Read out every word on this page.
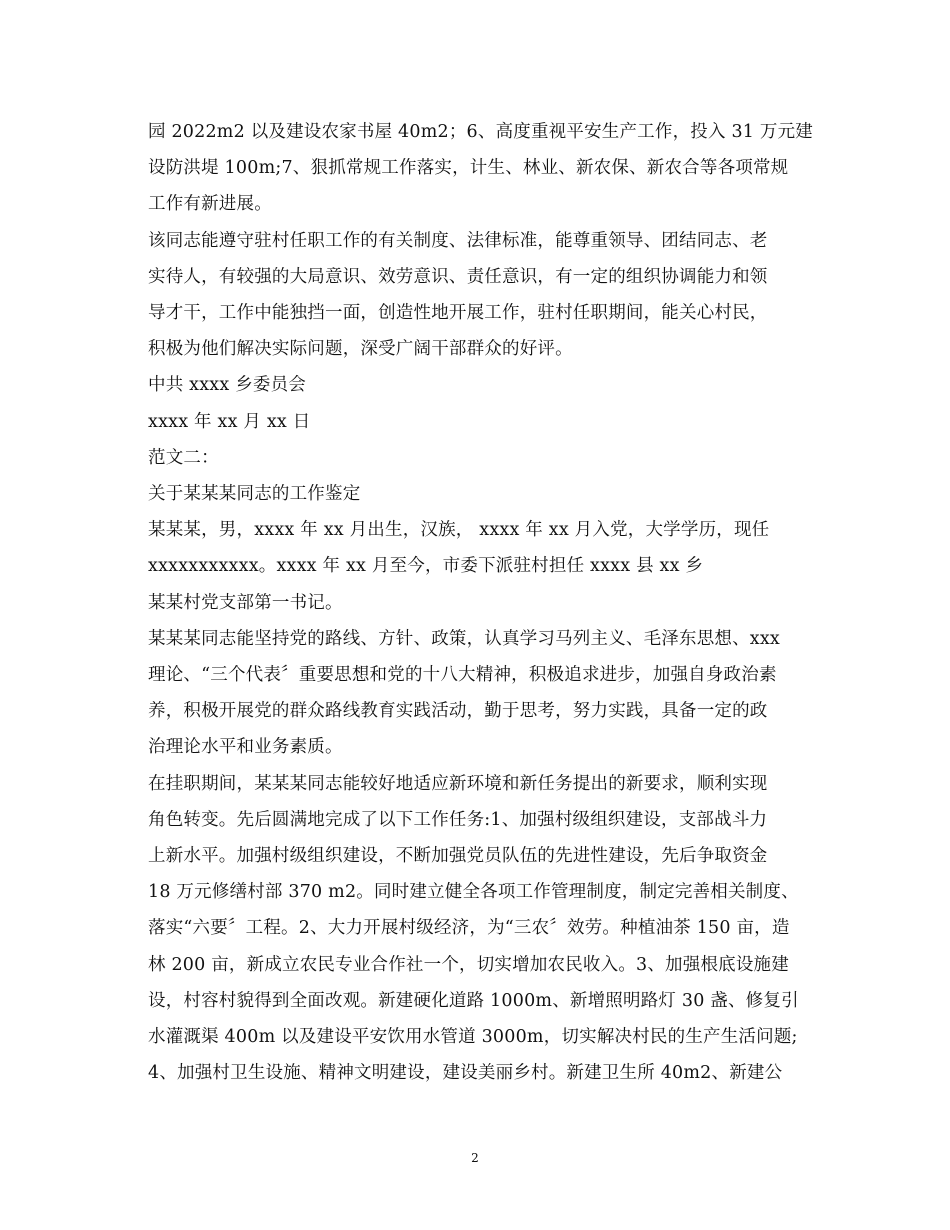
园 2022m2 以及建设农家书屋 40m2；6、高度重视平安生产工作，投入 31 万元建
设防洪堤 100m;7、狠抓常规工作落实，计生、林业、新农保、新农合等各项常规
工作有新进展。
该同志能遵守驻村任职工作的有关制度、法律标准，能尊重领导、团结同志、老
实待人，有较强的大局意识、效劳意识、责任意识，有一定的组织协调能力和领
导才干，工作中能独挡一面，创造性地开展工作，驻村任职期间，能关心村民，
积极为他们解决实际问题，深受广阔干部群众的好评。
中共 xxxx 乡委员会
xxxx 年 xx 月 xx 日
范文二：
关于某某某同志的工作鉴定
某某某，男，xxxx 年 xx 月出生，汉族， xxxx 年 xx 月入党，大学学历，现任
xxxxxxxxxxx。xxxx 年 xx 月至今，市委下派驻村担任 xxxx 县 xx 乡
某某村党支部第一书记。
某某某同志能坚持党的路线、方针、政策，认真学习马列主义、毛泽东思想、xxx
理论、“三个代表〞重要思想和党的十八大精神，积极追求进步，加强自身政治素
养，积极开展党的群众路线教育实践活动，勤于思考，努力实践，具备一定的政
治理论水平和业务素质。
在挂职期间，某某某同志能较好地适应新环境和新任务提出的新要求，顺利实现
角色转变。先后圆满地完成了以下工作任务:1、加强村级组织建设，支部战斗力
上新水平。加强村级组织建设，不断加强党员队伍的先进性建设，先后争取资金
18 万元修缮村部 370 m2。同时建立健全各项工作管理制度，制定完善相关制度、
落实“六要〞工程。2、大力开展村级经济，为“三农〞效劳。种植油茶 150 亩，造
林 200 亩，新成立农民专业合作社一个，切实增加农民收入。3、加强根底设施建
设，村容村貌得到全面改观。新建硬化道路 1000m、新增照明路灯 30 盏、修复引
水灌溉渠 400m 以及建设平安饮用水管道 3000m，切实解决村民的生产生活问题;
4、加强村卫生设施、精神文明建设，建设美丽乡村。新建卫生所 40m2、新建公
2
